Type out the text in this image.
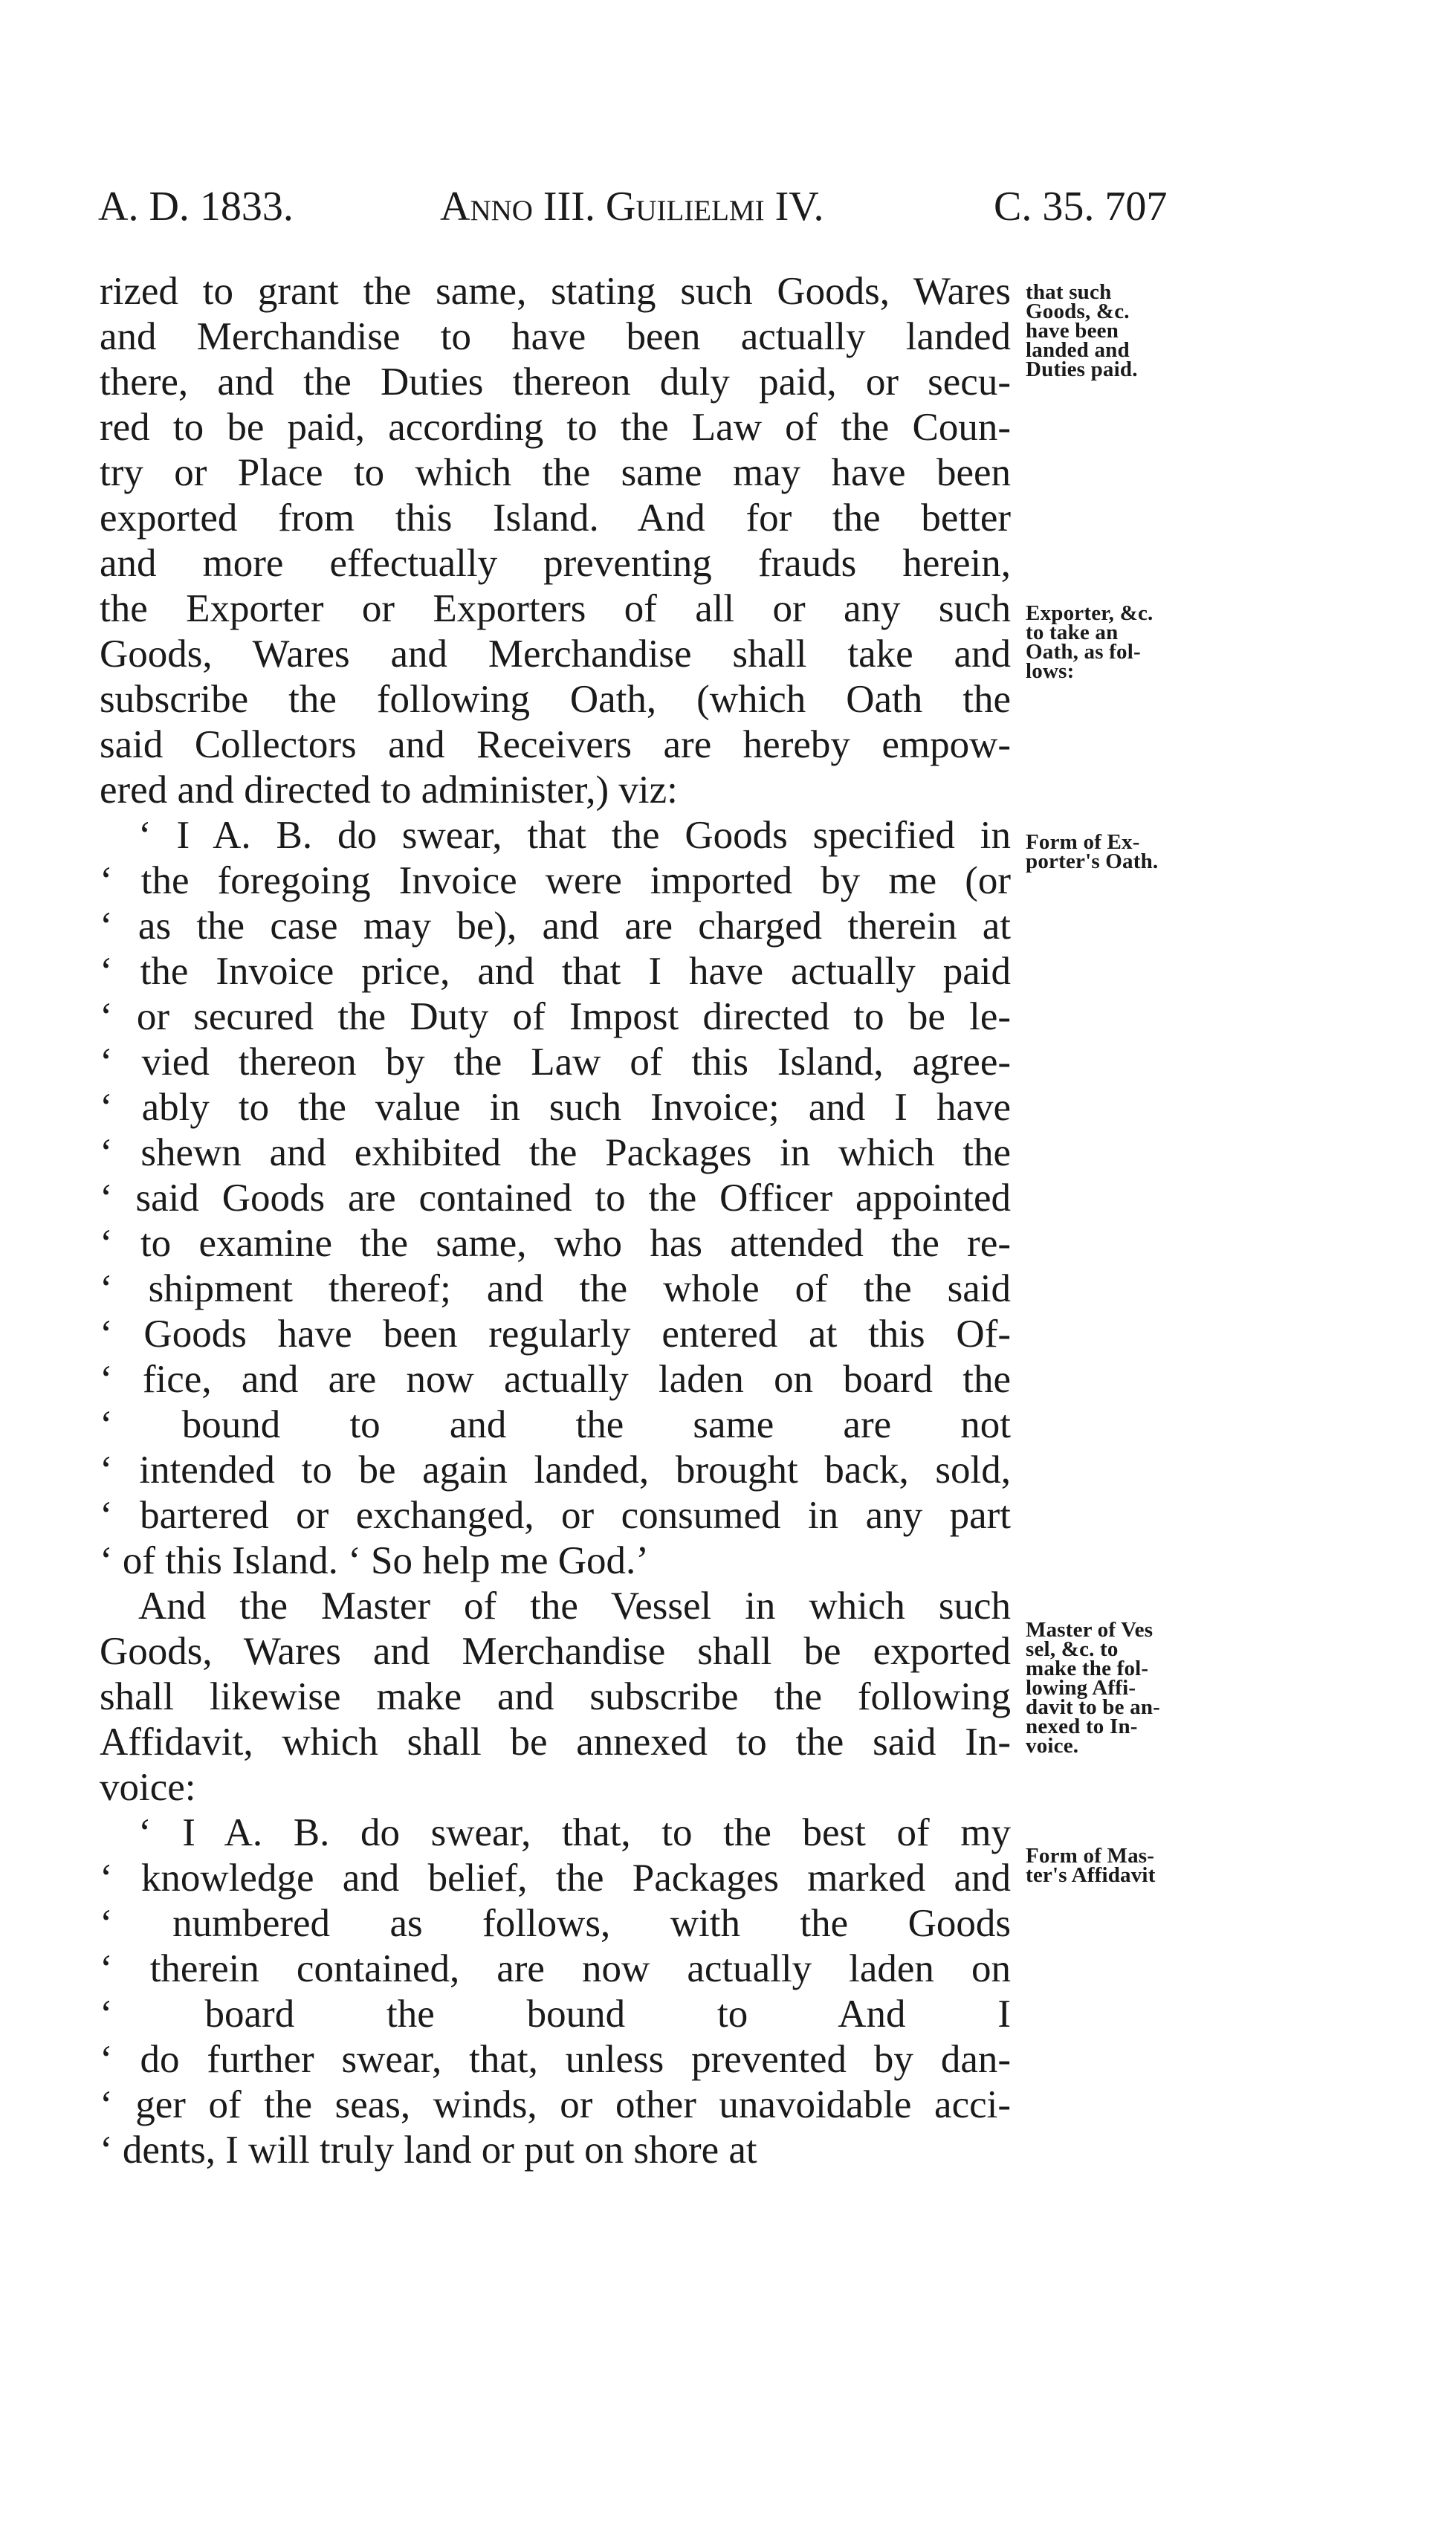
A. D. 1833.	Anno III. Guilielmi IV.	C. 35. 707
rized to grant the same, stating such Goods, Wares
and Merchandise to have been actually landed
there, and the Duties thereon duly paid, or secu-
red to be paid, according to the Law of the Coun-
try or Place to which the same may have been
exported from this Island. And for the better
and more effectually preventing frauds herein,
the Exporter or Exporters of all or any such
Goods, Wares and Merchandise shall take and
subscribe the following Oath, (which Oath the
said Collectors and Receivers are hereby empow-
ered and directed to administer,) viz:
‘ I A. B. do swear, that the Goods specified in
‘ the foregoing Invoice were imported by me (or
‘ as the case may be), and are charged therein at
‘ the Invoice price, and that I have actually paid
‘ or secured the Duty of Impost directed to be le-
‘ vied thereon by the Law of this Island, agree-
‘ ably to the value in such Invoice; and I have
‘ shewn and exhibited the Packages in which the
‘ said Goods are contained to the Officer appointed
‘ to examine the same, who has attended the re-
‘ shipment thereof; and the whole of the said
‘ Goods have been regularly entered at this Of-
‘ fice, and are now actually laden on board the
‘ bound to and the same are not
‘ intended to be again landed, brought back, sold,
‘ bartered or exchanged, or consumed in any part
‘ of this Island. ‘ So help me God.’
And the Master of the Vessel in which such
Goods, Wares and Merchandise shall be exported
shall likewise make and subscribe the following
Affidavit, which shall be annexed to the said In-
voice:
‘ I A. B. do swear, that, to the best of my
‘ knowledge and belief, the Packages marked and
‘ numbered as follows, with the Goods
‘ therein contained, are now actually laden on
‘ board the bound to And I
‘ do further swear, that, unless prevented by dan-
‘ ger of the seas, winds, or other unavoidable acci-
‘ dents, I will truly land or put on shore at
that such
Goods, &c.
have been
landed and
Duties paid.
Exporter, &c.
to take an
Oath, as fol-
lows:
Form of Ex-
porter's Oath.
Master of Ves
sel, &c. to
make the fol-
lowing Affi-
davit to be an-
nexed to In-
voice.
Form of Mas-
ter's Affidavit
